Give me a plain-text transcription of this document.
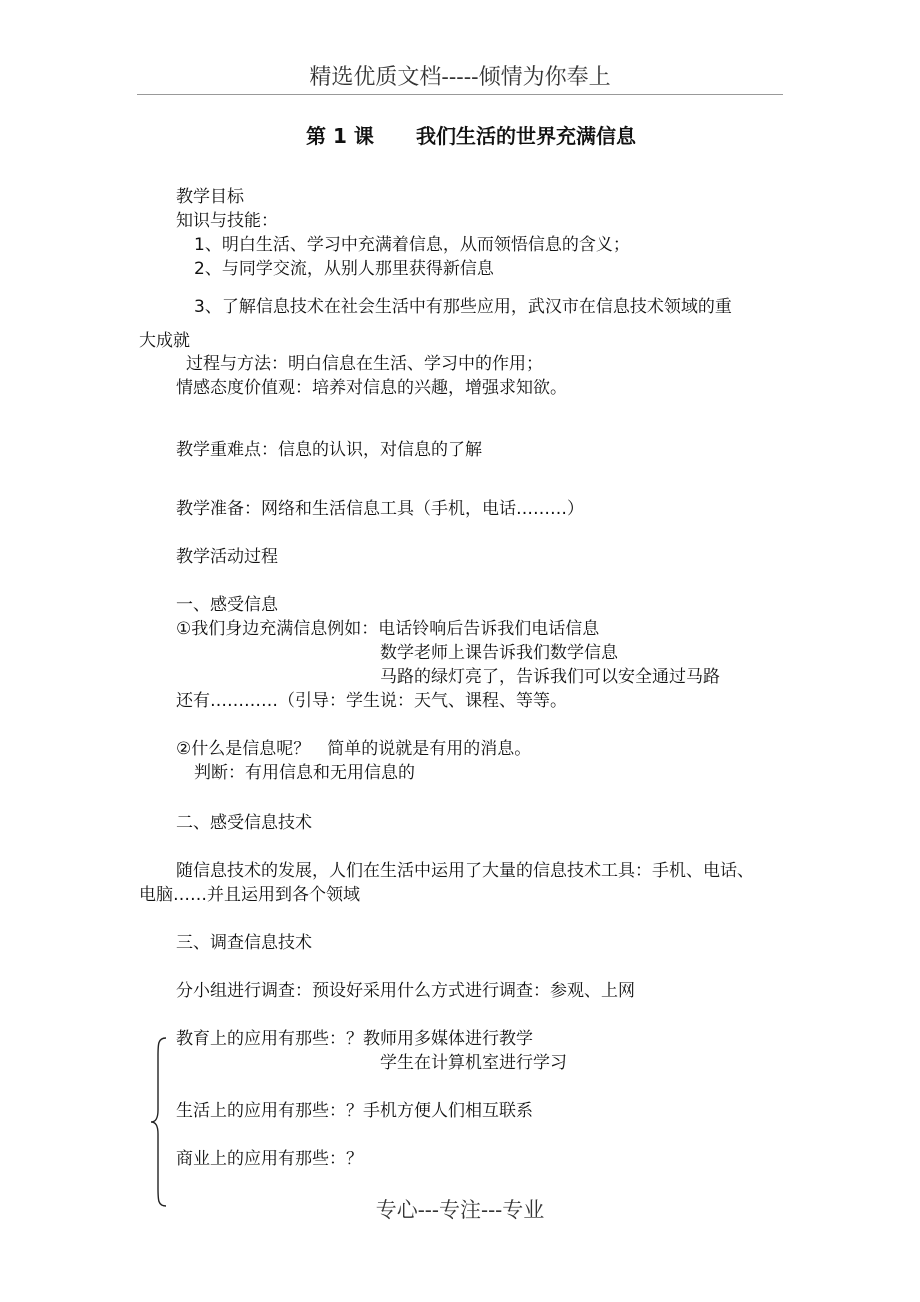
精选优质文档-----倾情为你奉上
第 1 课 我们生活的世界充满信息
教学目标
知识与技能：
1、明白生活、学习中充满着信息，从而领悟信息的含义；
2、与同学交流，从别人那里获得新信息
3、了解信息技术在社会生活中有那些应用，武汉市在信息技术领域的重
大成就
过程与方法：明白信息在生活、学习中的作用；
情感态度价值观：培养对信息的兴趣，增强求知欲。
教学重难点：信息的认识，对信息的了解
教学准备：网络和生活信息工具（手机，电话………）
教学活动过程
一、感受信息
①我们身边充满信息例如：电话铃响后告诉我们电话信息
数学老师上课告诉我们数学信息
马路的绿灯亮了，告诉我们可以安全通过马路
还有…………（引导：学生说：天气、课程、等等。
②什么是信息呢？　简单的说就是有用的消息。
判断：有用信息和无用信息的
二、感受信息技术
随信息技术的发展，人们在生活中运用了大量的信息技术工具：手机、电话、
电脑……并且运用到各个领域
三、调查信息技术
分小组进行调查：预设好采用什么方式进行调查：参观、上网
教育上的应用有那些：？教师用多媒体进行教学
学生在计算机室进行学习
生活上的应用有那些：？手机方便人们相互联系
商业上的应用有那些：？
专心---专注---专业
